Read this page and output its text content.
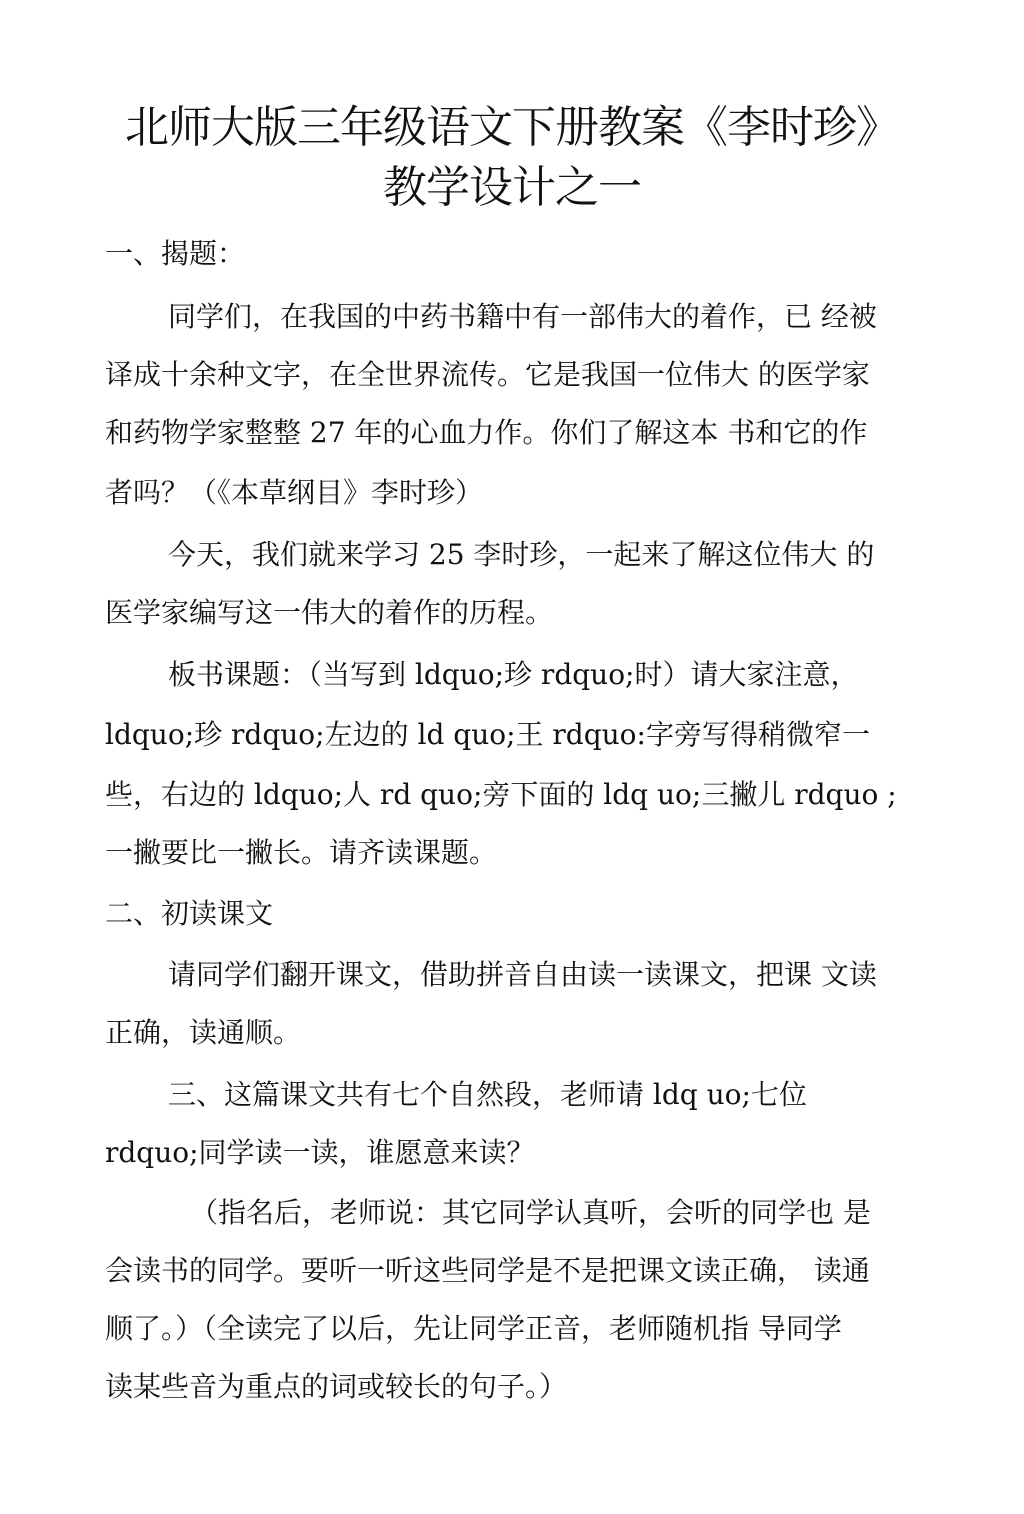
北师大版三年级语文下册教案《李时珍》
教学设计之一
一、揭题：
同学们，在我国的中药书籍中有一部伟大的着作，已 经被
译成十余种文字，在全世界流传。它是我国一位伟大 的医学家
和药物学家整整 27 年的心血力作。你们了解这本 书和它的作
者吗？（《本草纲目》李时珍）
今天，我们就来学习 25 李时珍，一起来了解这位伟大 的
医学家编写这一伟大的着作的历程。
板书课题：（当写到 ldquo;珍 rdquo;时）请大家注意，
ldquo;珍 rdquo;左边的 ld quo;王 rdquo:字旁写得稍微窄一
些，右边的 ldquo;人 rd quo;旁下面的 ldq uo;三撇儿 rdquo ;
一撇要比一撇长。请齐读课题。
二、初读课文
请同学们翻开课文，借助拼音自由读一读课文，把课 文读
正确，读通顺。
三、这篇课文共有七个自然段，老师请 ldq uo;七位
rdquo;同学读一读，谁愿意来读？
（指名后，老师说：其它同学认真听，会听的同学也 是
会读书的同学。要听一听这些同学是不是把课文读正确， 读通
顺了。）（全读完了以后，先让同学正音，老师随机指 导同学
读某些音为重点的词或较长的句子。）
